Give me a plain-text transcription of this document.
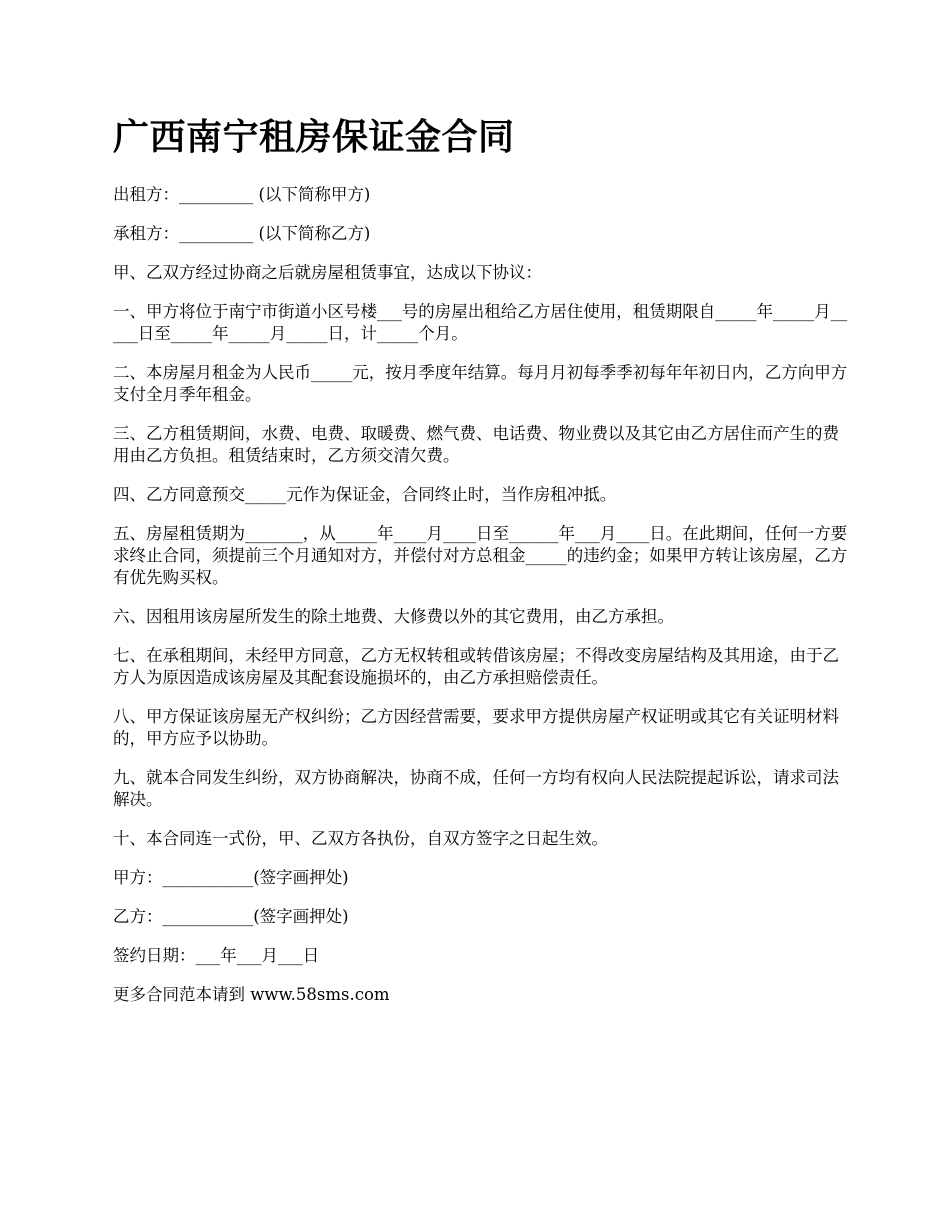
广西南宁租房保证金合同

出租方：_________ (以下简称甲方)

承租方：_________ (以下简称乙方)

甲、乙双方经过协商之后就房屋租赁事宜，达成以下协议：

一、甲方将位于南宁市街道小区号楼___号的房屋出租给乙方居住使用，租赁期限自_____年_____月_____日至_____年_____月_____日，计_____个月。

二、本房屋月租金为人民币_____元，按月季度年结算。每月月初每季季初每年年初日内，乙方向甲方支付全月季年租金。

三、乙方租赁期间，水费、电费、取暖费、燃气费、电话费、物业费以及其它由乙方居住而产生的费用由乙方负担。租赁结束时，乙方须交清欠费。

四、乙方同意预交_____元作为保证金，合同终止时，当作房租冲抵。

五、房屋租赁期为_______，从_____年____月____日至______年___月____日。在此期间，任何一方要求终止合同，须提前三个月通知对方，并偿付对方总租金_____的违约金；如果甲方转让该房屋，乙方有优先购买权。

六、因租用该房屋所发生的除土地费、大修费以外的其它费用，由乙方承担。

七、在承租期间，未经甲方同意，乙方无权转租或转借该房屋；不得改变房屋结构及其用途，由于乙方人为原因造成该房屋及其配套设施损坏的，由乙方承担赔偿责任。

八、甲方保证该房屋无产权纠纷；乙方因经营需要，要求甲方提供房屋产权证明或其它有关证明材料的，甲方应予以协助。

九、就本合同发生纠纷，双方协商解决，协商不成，任何一方均有权向人民法院提起诉讼，请求司法解决。

十、本合同连一式份，甲、乙双方各执份，自双方签字之日起生效。

甲方：___________(签字画押处)

乙方：___________(签字画押处)

签约日期：___年___月___日

更多合同范本请到 www.58sms.com
